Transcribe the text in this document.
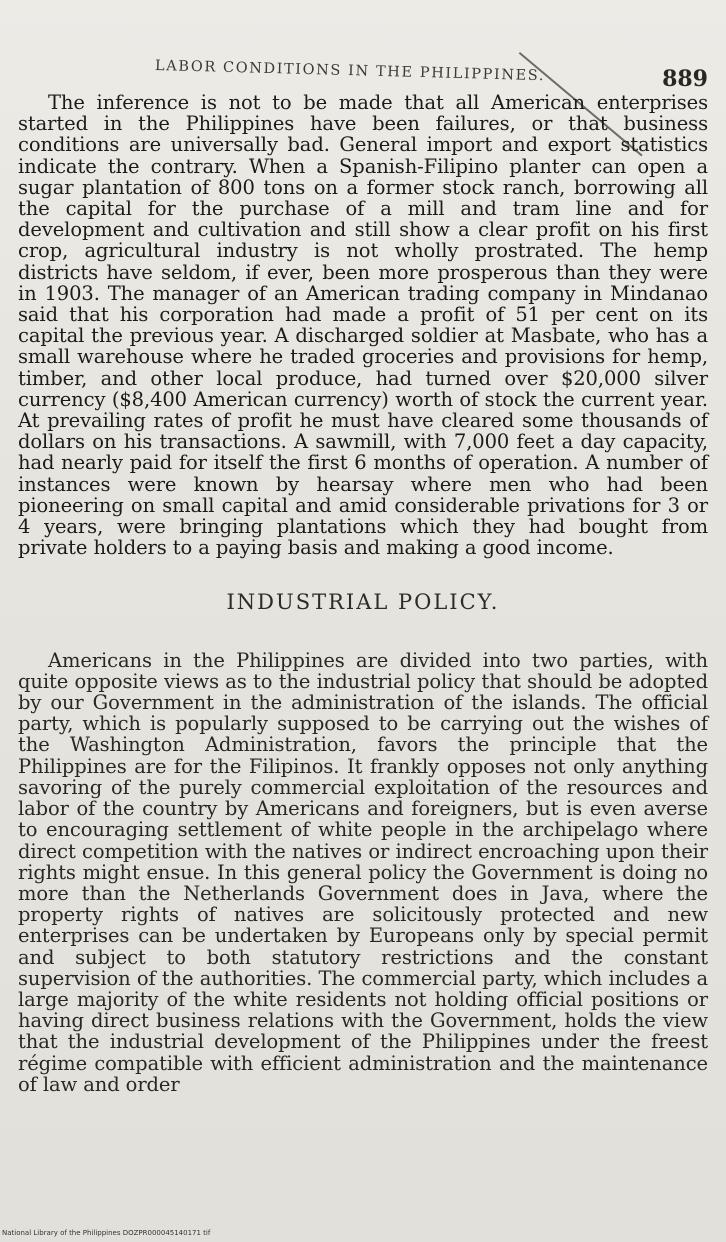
LABOR CONDITIONS IN THE PHILIPPINES.	889

The inference is not to be made that all American enterprises started in the Philippines have been failures, or that business conditions are universally bad. General import and export statistics indicate the contrary. When a Spanish-Filipino planter can open a sugar plantation of 800 tons on a former stock ranch, borrowing all the capital for the purchase of a mill and tram line and for development and cultivation and still show a clear profit on his first crop, agricultural industry is not wholly prostrated. The hemp districts have seldom, if ever, been more prosperous than they were in 1903. The manager of an American trading company in Mindanao said that his corporation had made a profit of 51 per cent on its capital the previous year. A discharged soldier at Masbate, who has a small warehouse where he traded groceries and provisions for hemp, timber, and other local produce, had turned over $20,000 silver currency ($8,400 American currency) worth of stock the current year. At prevailing rates of profit he must have cleared some thousands of dollars on his transactions. A sawmill, with 7,000 feet a day capacity, had nearly paid for itself the first 6 months of operation. A number of instances were known by hearsay where men who had been pioneering on small capital and amid considerable privations for 3 or 4 years, were bringing plantations which they had bought from private holders to a paying basis and making a good income.

INDUSTRIAL POLICY.

Americans in the Philippines are divided into two parties, with quite opposite views as to the industrial policy that should be adopted by our Government in the administration of the islands. The official party, which is popularly supposed to be carrying out the wishes of the Washington Administration, favors the principle that the Philippines are for the Filipinos. It frankly opposes not only anything savoring of the purely commercial exploitation of the resources and labor of the country by Americans and foreigners, but is even averse to encouraging settlement of white people in the archipelago where direct competition with the natives or indirect encroaching upon their rights might ensue. In this general policy the Government is doing no more than the Netherlands Government does in Java, where the property rights of natives are solicitously protected and new enterprises can be undertaken by Europeans only by special permit and subject to both statutory restrictions and the constant supervision of the authorities. The commercial party, which includes a large majority of the white residents not holding official positions or having direct business relations with the Government, holds the view that the industrial development of the Philippines under the freest régime compatible with efficient administration and the maintenance of law and order

National Library of the Philippines DOZPR000045140171 tif
